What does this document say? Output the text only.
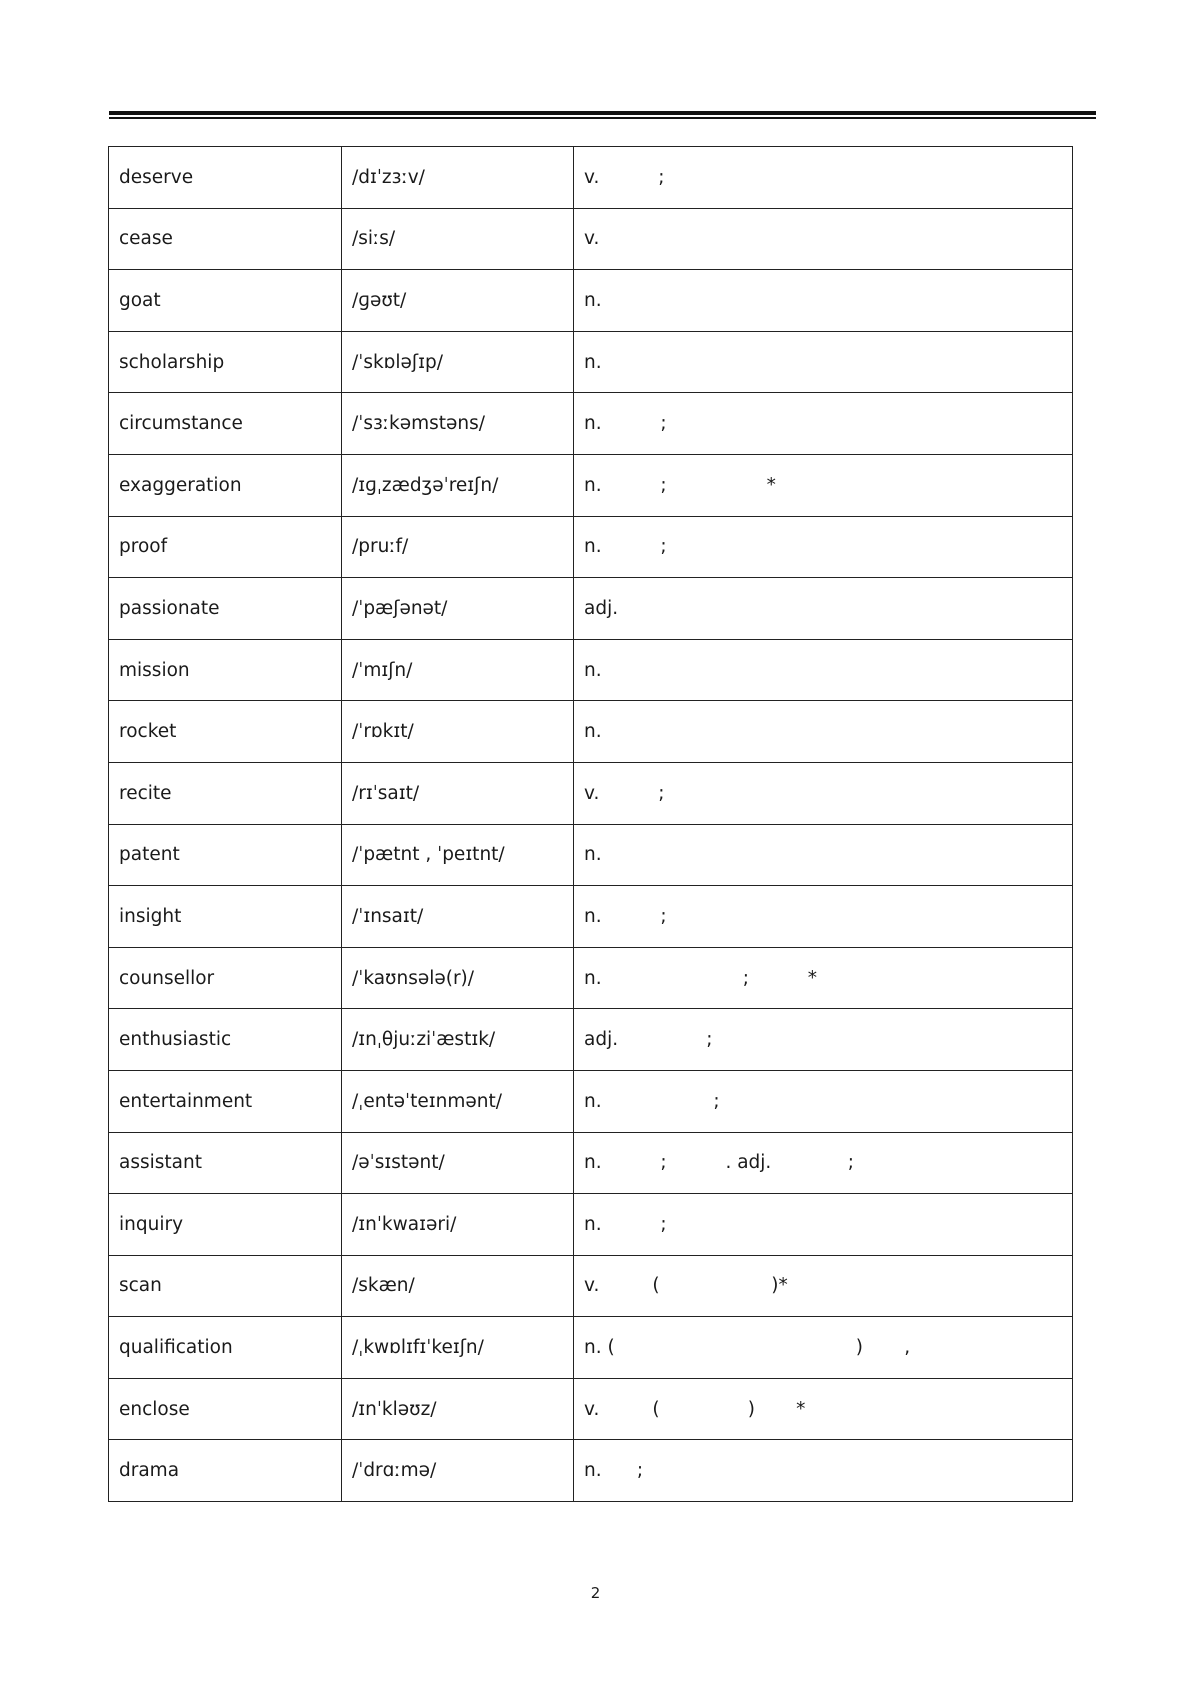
deserve	/dɪˈzɜːv/	v.          ;
cease	/siːs/	v.
goat	/ɡəʊt/	n.
scholarship	/ˈskɒləʃɪp/	n.
circumstance	/ˈsɜːkəmstəns/	n.          ;
exaggeration	/ɪɡˌzædʒəˈreɪʃn/	n.          ;                 *
proof	/pruːf/	n.          ;
passionate	/ˈpæʃənət/	adj.
mission	/ˈmɪʃn/	n.
rocket	/ˈrɒkɪt/	n.
recite	/rɪˈsaɪt/	v.          ;
patent	/ˈpætnt , ˈpeɪtnt/	n.
insight	/ˈɪnsaɪt/	n.          ;
counsellor	/ˈkaʊnsələ(r)/	n.                        ;          *
enthusiastic	/ɪnˌθjuːziˈæstɪk/	adj.               ;
entertainment	/ˌentəˈteɪnmənt/	n.                   ;
assistant	/əˈsɪstənt/	n.          ;          . adj.             ;
inquiry	/ɪnˈkwaɪəri/	n.          ;
scan	/skæn/	v.         (                   )*
qualification	/ˌkwɒlɪfɪˈkeɪʃn/	n. (                                         )       ,
enclose	/ɪnˈkləʊz/	v.         (               )       *
drama	/ˈdrɑːmə/	n.      ;
2
